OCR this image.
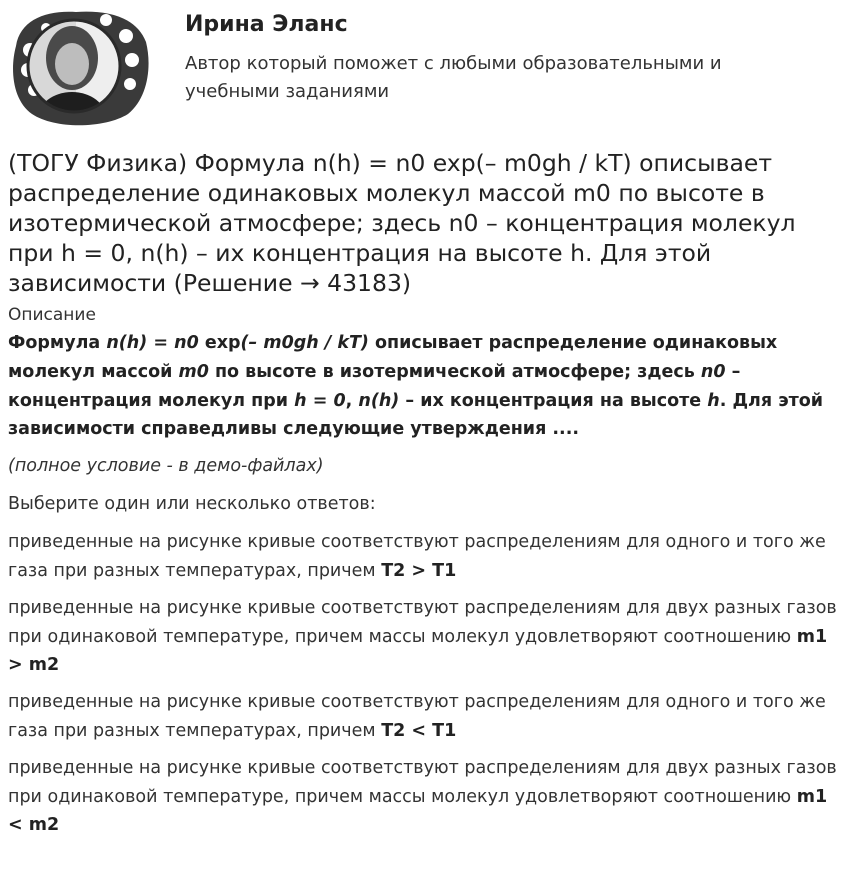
Ирина Эланс
Автор который поможет с любыми образовательными и учебными заданиями
(ТОГУ Физика) Формула n(h) = n0 exp(– m0gh / kT) описывает распределение одинаковых молекул массой m0 по высоте в изотермической атмосфере; здесь n0 – концентрация молекул при h = 0, n(h) – их концентрация на высоте h. Для этой зависимости (Решение → 43183)

Описание

Формула n(h) = n0 exp(– m0gh / kT) описывает распределение одинаковых молекул массой m0 по высоте в изотермической атмосфере; здесь n0 – концентрация молекул при h = 0, n(h) – их концентрация на высоте h. Для этой зависимости справедливы следующие утверждения ....

(полное условие - в демо-файлах)

Выберите один или несколько ответов:

приведенные на рисунке кривые соответствуют распределениям для одного и того же газа при разных температурах, причем T2 > T1

приведенные на рисунке кривые соответствуют распределениям для двух разных газов при одинаковой температуре, причем массы молекул удовлетворяют соотношению m1 > m2

приведенные на рисунке кривые соответствуют распределениям для одного и того же газа при разных температурах, причем T2 < T1

приведенные на рисунке кривые соответствуют распределениям для двух разных газов при одинаковой температуре, причем массы молекул удовлетворяют соотношению m1 < m2
